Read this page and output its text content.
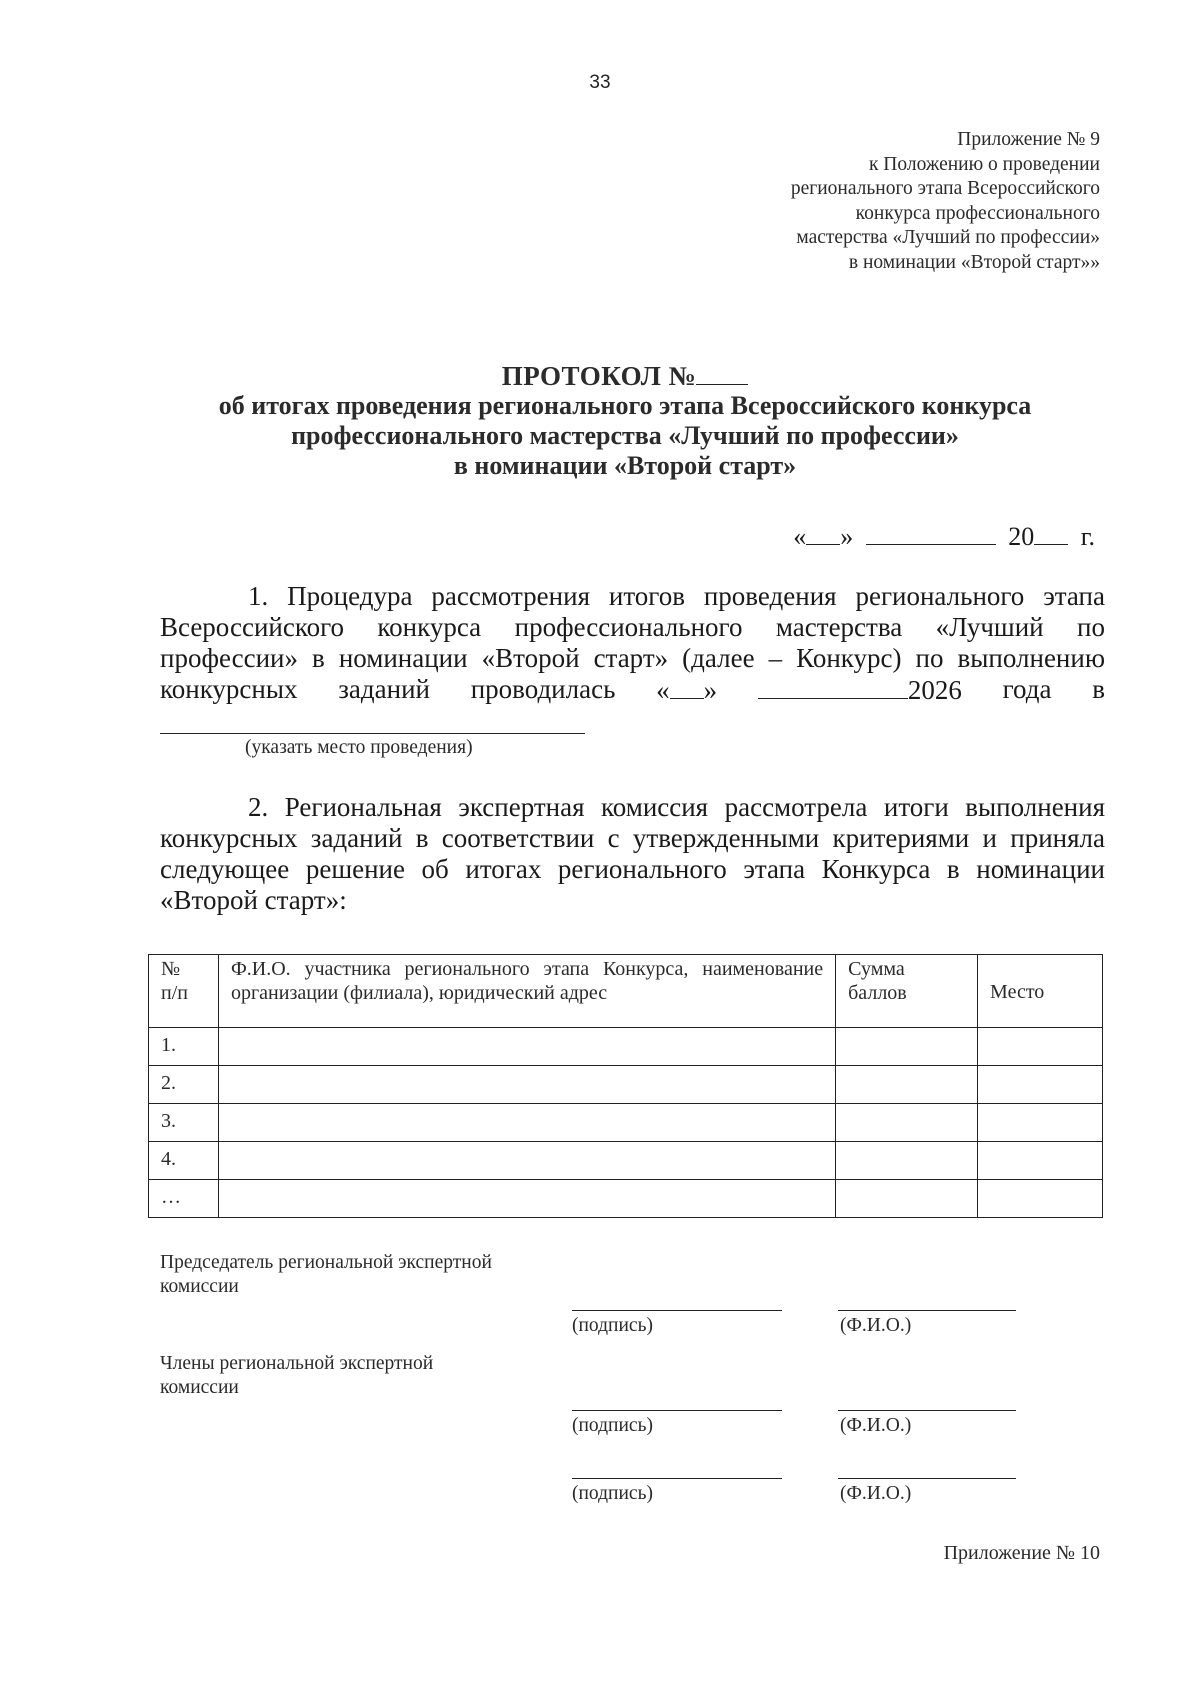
33
Приложение № 9
к Положению о проведении
регионального этапа Всероссийского
конкурса профессионального
мастерства «Лучший по профессии»
в номинации «Второй старт»»
ПРОТОКОЛ №
об итогах проведения регионального этапа Всероссийского конкурса
профессионального мастерства «Лучший по профессии»
в номинации «Второй старт»
« »	20 г.
1. Процедура рассмотрения итогов проведения регионального этапа
Всероссийского конкурса профессионального мастерства «Лучший по
профессии» в номинации «Второй старт» (далее – Конкурс) по выполнению
конкурсных заданий проводилась « »	2026 года в
(указать место проведения)
2. Региональная экспертная комиссия рассмотрела итоги выполнения
конкурсных заданий в соответствии с утвержденными критериями и приняла
следующее решение об итогах регионального этапа Конкурса в номинации
«Второй старт»:
№ п/п	Ф.И.О. участника регионального этапа Конкурса, наименование организации (филиала), юридический адрес	Сумма баллов	Место
1.			
2.			
3.			
4.			
…			
Председатель региональной экспертной
комиссии
(подпись)	(Ф.И.О.)
Члены региональной экспертной
комиссии
(подпись)	(Ф.И.О.)
(подпись)	(Ф.И.О.)
Приложение № 10
